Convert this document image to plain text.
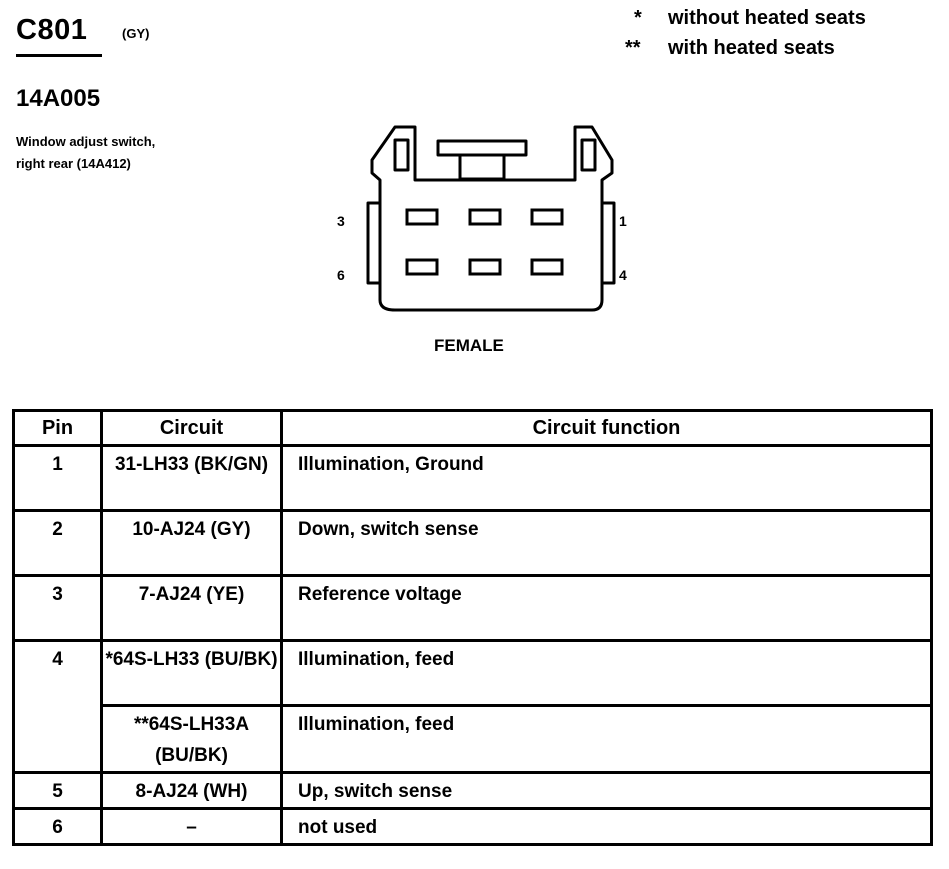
C801	(GY)
* without heated seats
** with heated seats
14A005
Window adjust switch, right rear (14A412)
3
6
1
4
FEMALE
Pin	Circuit	Circuit function
1	31-LH33 (BK/GN)	Illumination, Ground
2	10-AJ24 (GY)	Down, switch sense
3	7-AJ24 (YE)	Reference voltage
4	*64S-LH33 (BU/BK)	Illumination, feed
	**64S-LH33A (BU/BK)	Illumination, feed
5	8-AJ24 (WH)	Up, switch sense
6	–	not used
